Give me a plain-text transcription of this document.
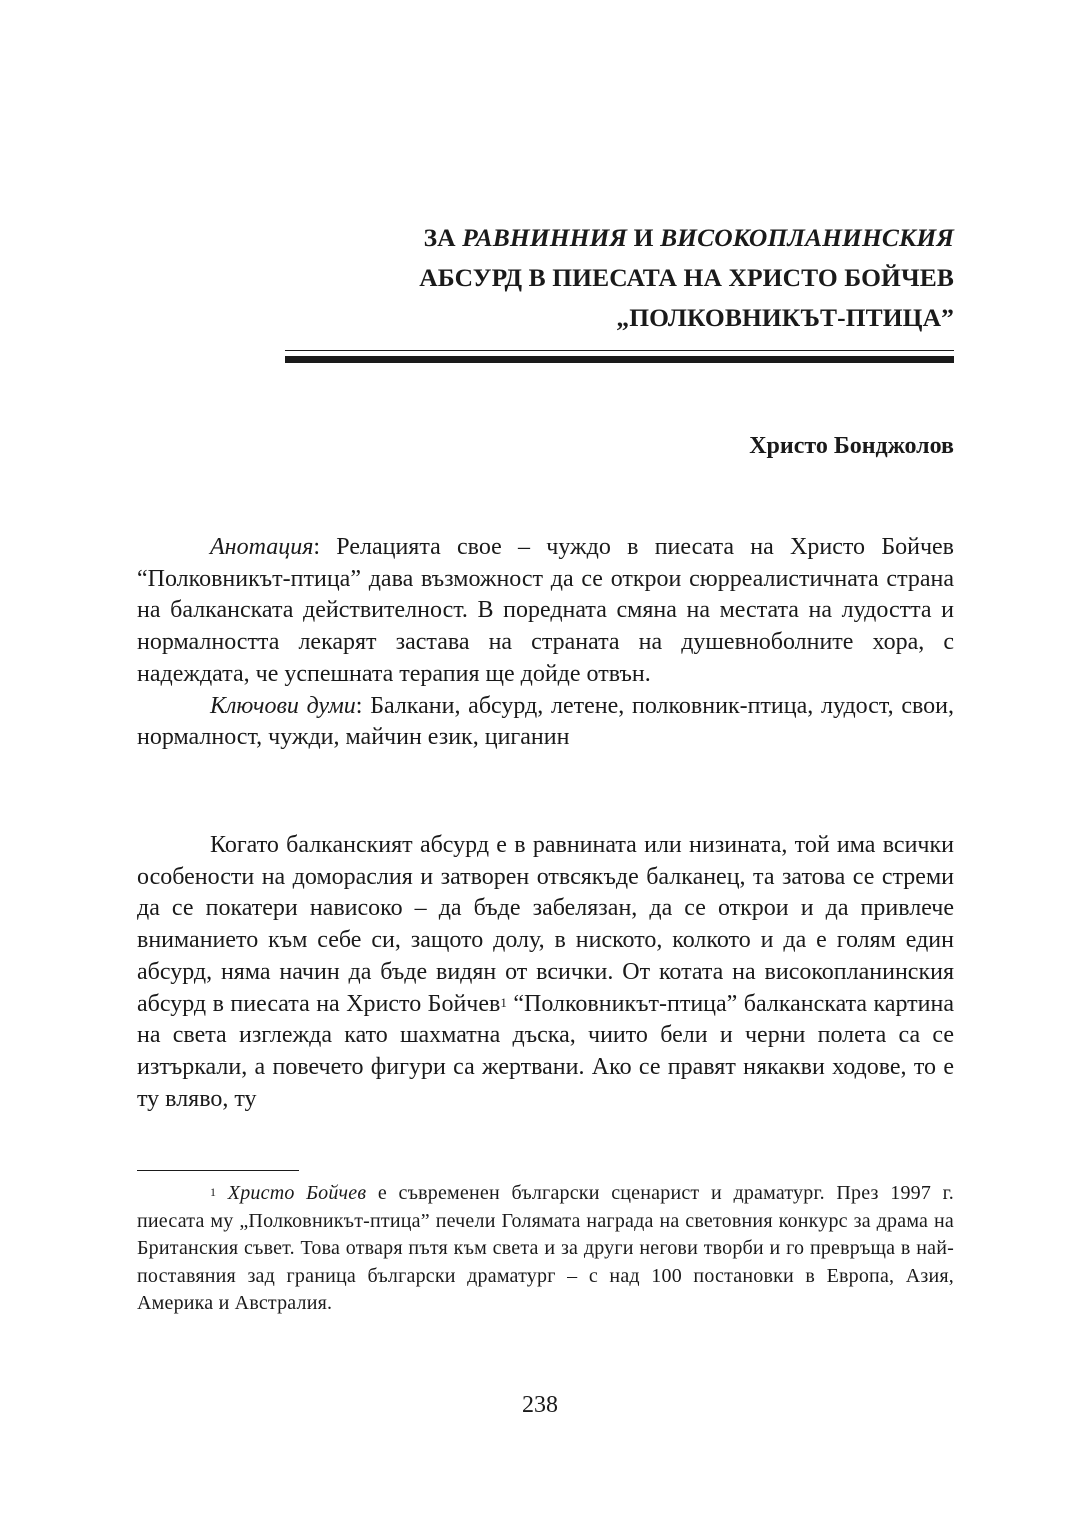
ЗА РАВНИННИЯ И ВИСОКОПЛАНИНСКИЯ
АБСУРД В ПИЕСАТА НА ХРИСТО БОЙЧЕВ
„ПОЛКОВНИКЪТ-ПТИЦА”
Христо Бонджолов

Анотация: Релацията свое – чуждо в пиесата на Христо Бойчев “Полковникът-птица” дава възможност да се открои сюрреалистичната страна на балканската действителност. В поредната смяна на местата на лудостта и нормалността лекарят застава на страната на душевноболните хора, с надеждата, че успешната терапия ще дойде отвън.

Ключови думи: Балкани, абсурд, летене, полковник-птица, лудост, свои, нормалност, чужди, майчин език, циганин

Когато балканският абсурд е в равнината или низината, той има всички особености на домораслия и затворен отвсякъде балканец, та затова се стреми да се покатери нависоко – да бъде забелязан, да се открои и да привлече вниманието към себе си, защото долу, в ниското, колкото и да е голям един абсурд, няма начин да бъде видян от всички. От котата на високопланинския абсурд в пиесата на Христо Бойчев$^1$ “Полковникът-птица” балканската картина на света изглежда като шахматна дъска, чиито бели и черни полета са се изтъркали, а повечето фигури са жертвани. Ако се правят някакви ходове, то е ту вляво, ту

$^1$ Христо Бойчев е съвременен български сценарист и драматург. През 1997 г. пиесата му „Полковникът-птица” печели Голямата награда на световния конкурс за драма на Британския съвет. Това отваря пътя към света и за други негови творби и го превръща в най-поставяния зад граница български драматург – с над 100 постановки в Европа, Азия, Америка и Австралия.

238
